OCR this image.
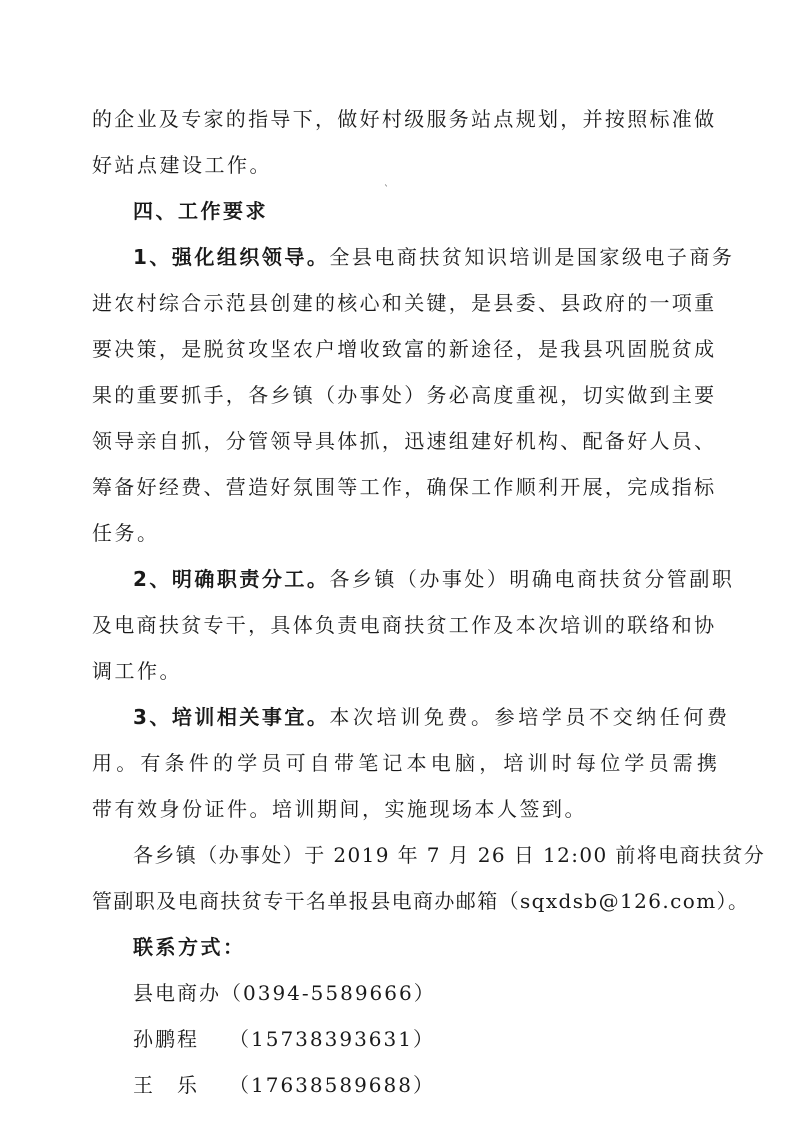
的企业及专家的指导下，做好村级服务站点规划，并按照标准做
好站点建设工作。
`
四、工作要求
1、强化组织领导。全县电商扶贫知识培训是国家级电子商务
进农村综合示范县创建的核心和关键，是县委、县政府的一项重
要决策，是脱贫攻坚农户增收致富的新途径，是我县巩固脱贫成
果的重要抓手，各乡镇（办事处）务必高度重视，切实做到主要
领导亲自抓，分管领导具体抓，迅速组建好机构、配备好人员、
筹备好经费、营造好氛围等工作，确保工作顺利开展，完成指标
任务。
2、明确职责分工。各乡镇（办事处）明确电商扶贫分管副职
及电商扶贫专干，具体负责电商扶贫工作及本次培训的联络和协
调工作。
3、培训相关事宜。本次培训免费。参培学员不交纳任何费
用。有条件的学员可自带笔记本电脑，培训时每位学员需携
带有效身份证件。培训期间，实施现场本人签到。
各乡镇（办事处）于 2019 年 7 月 26 日 12:00 前将电商扶贫分
管副职及电商扶贫专干名单报县电商办邮箱（sqxdsb@126.com）。
联系方式：
县电商办（0394-5589666）
孙鹏程 （15738393631）
王　乐 （17638589688）
